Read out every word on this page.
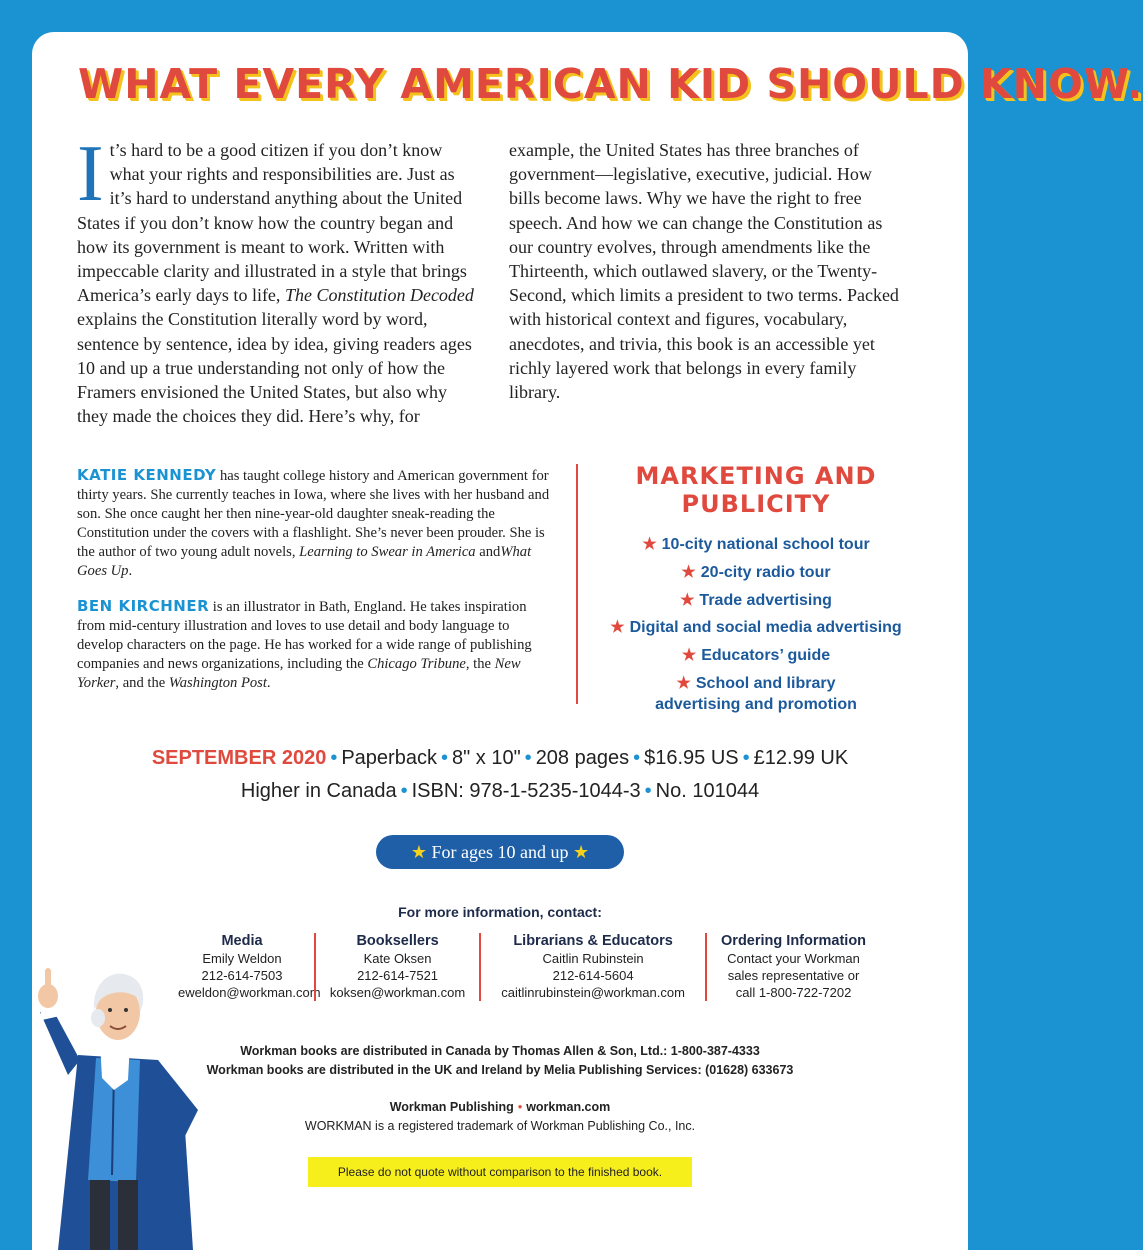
WHAT EVERY AMERICAN KID SHOULD KNOW.
It’s hard to be a good citizen if you don’t know what your rights and responsibilities are. Just as it’s hard to understand anything about the United States if you don’t know how the country began and how its government is meant to work. Written with impeccable clarity and illustrated in a style that brings America’s early days to life, The Constitution Decoded explains the Constitution literally word by word, sentence by sentence, idea by idea, giving readers ages 10 and up a true understanding not only of how the Framers envisioned the United States, but also why they made the choices they did. Here’s why, for example, the United States has three branches of government—legislative, executive, judicial. How bills become laws. Why we have the right to free speech. And how we can change the Constitution as our country evolves, through amendments like the Thirteenth, which outlawed slavery, or the Twenty-Second, which limits a president to two terms. Packed with historical context and figures, vocabulary, anecdotes, and trivia, this book is an accessible yet richly layered work that belongs in every family library.

KATIE KENNEDY has taught college history and American government for thirty years. She currently teaches in Iowa, where she lives with her husband and son. She once caught her then nine-year-old daughter sneak-reading the Constitution under the covers with a flashlight. She’s never been prouder. She is the author of two young adult novels, Learning to Swear in America andWhat Goes Up.

BEN KIRCHNER is an illustrator in Bath, England. He takes inspiration from mid-century illustration and loves to use detail and body language to develop characters on the page. He has worked for a wide range of publishing companies and news organizations, including the Chicago Tribune, the New Yorker, and the Washington Post.

MARKETING AND PUBLICITY
★ 10-city national school tour
★ 20-city radio tour
★ Trade advertising
★ Digital and social media advertising
★ Educators’ guide
★ School and library advertising and promotion
SEPTEMBER 2020 • Paperback • 8" x 10" • 208 pages • $16.95 US • £12.99 UK
Higher in Canada • ISBN: 978-1-5235-1044-3 • No. 101044
★ For ages 10 and up ★
For more information, contact:
Media
Emily Weldon
212-614-7503
eweldon@workman.com
Booksellers
Kate Oksen
212-614-7521
koksen@workman.com
Librarians & Educators
Caitlin Rubinstein
212-614-5604
caitlinrubinstein@workman.com
Ordering Information
Contact your Workman
sales representative or
call 1-800-722-7202
Workman books are distributed in Canada by Thomas Allen & Son, Ltd.: 1-800-387-4333
Workman books are distributed in the UK and Ireland by Melia Publishing Services: (01628) 633673
Workman Publishing • workman.com
WORKMAN is a registered trademark of Workman Publishing Co., Inc.
Please do not quote without comparison to the finished book.
